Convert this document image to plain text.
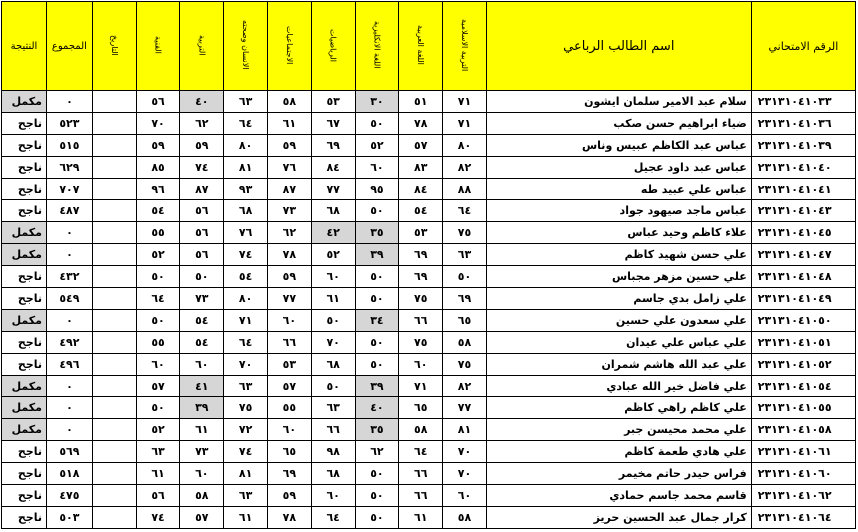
الرقم الامتحاني	اسم الطالب الرباعي	التربية الاسلامية	اللغة العربية	اللغة الانكليزية	الرياضيات	الاجتماعيات	الانسان وصحته	التربية	الفنية	التاريخ	المجموع	النتيجة
٢٣١٣١٠٤١٠٣٣	سلام عبد الامير سلمان ايشون	٧١	٥١	٣٠	٥٣	٥٨	٦٣	٤٠	٥٦		٠	مكمل
٢٣١٣١٠٤١٠٣٦	ضياء ابراهيم حسن صكب	٧١	٧٨	٥٠	٦٧	٦١	٦٤	٦٢	٧٠		٥٢٣	ناجح
٢٣١٣١٠٤١٠٣٩	عباس عبد الكاظم عبيس وناس	٨٠	٥٧	٥٢	٦٩	٥٩	٨٠	٥٩	٥٩		٥١٥	ناجح
٢٣١٣١٠٤١٠٤٠	عباس عبد داود عجيل	٨٢	٨٣	٦٠	٨٤	٧٦	٨١	٧٤	٨٥		٦٢٩	ناجح
٢٣١٣١٠٤١٠٤١	عباس علي عبيد طه	٨٨	٨٤	٩٥	٧٧	٨٧	٩٣	٨٧	٩٦		٧٠٧	ناجح
٢٣١٣١٠٤١٠٤٣	عباس ماجد صيهود جواد	٦٤	٥٤	٥٠	٦٨	٧٣	٦٨	٥٦	٥٤		٤٨٧	ناجح
٢٣١٣١٠٤١٠٤٥	علاء كاظم وحيد عباس	٧٥	٥٣	٣٥	٤٢	٦٢	٧٦	٥٦	٥٥		٠	مكمل
٢٣١٣١٠٤١٠٤٧	علي حسن شهيد كاظم	٦٣	٦٩	٣٩	٥٢	٧٨	٧٤	٥٦	٥٢		٠	مكمل
٢٣١٣١٠٤١٠٤٨	علي حسين مزهر مجباس	٥٠	٦٩	٥٠	٦٠	٥٩	٥٤	٥٠	٥٠		٤٣٢	ناجح
٢٣١٣١٠٤١٠٤٩	علي زامل بدي جاسم	٦٩	٧٥	٥٠	٦١	٧٧	٨٠	٧٣	٦٤		٥٤٩	ناجح
٢٣١٣١٠٤١٠٥٠	علي سعدون علي حسين	٦٥	٦٦	٣٤	٥٠	٦٠	٧١	٥٤	٥٠		٠	مكمل
٢٣١٣١٠٤١٠٥١	علي عباس علي عيدان	٥٨	٧٥	٥٠	٧٠	٦٦	٦٤	٥٤	٥٥		٤٩٢	ناجح
٢٣١٣١٠٤١٠٥٢	علي عبد الله هاشم شمران	٧٥	٦٠	٥٠	٦٨	٥٣	٧٠	٦٠	٦٠		٤٩٦	ناجح
٢٣١٣١٠٤١٠٥٤	علي فاضل خير الله عبادي	٨٢	٧١	٣٩	٥٠	٥٧	٦٣	٤١	٥٧		٠	مكمل
٢٣١٣١٠٤١٠٥٥	علي كاظم راهي كاظم	٧٧	٦٥	٤٠	٦٣	٥٥	٧٥	٣٩	٥٠		٠	مكمل
٢٣١٣١٠٤١٠٥٨	علي محمد محيسن جبر	٨١	٥٨	٣٥	٦٦	٦٠	٧٢	٦١	٥٢		٠	مكمل
٢٣١٣١٠٤١٠٦١	علي هادي طعمة كاظم	٧٠	٦٤	٦٢	٩٨	٦٥	٧٤	٧٣	٦٣		٥٦٩	ناجح
٢٣١٣١٠٤١٠٦٠	فراس حيدر حاتم مخيمر	٧٠	٦٦	٥٠	٦٨	٦٩	٨١	٦٠	٦١		٥١٨	ناجح
٢٣١٣١٠٤١٠٦٢	قاسم محمد جاسم حمادي	٦٠	٦٦	٥٠	٦٠	٥٩	٦٣	٥٨	٥٦		٤٧٥	ناجح
٢٣١٣١٠٤١٠٦٤	كرار جمال عبد الحسين حريز	٥٨	٦١	٥٠	٦٤	٧٨	٦١	٥٧	٧٤		٥٠٣	ناجح
